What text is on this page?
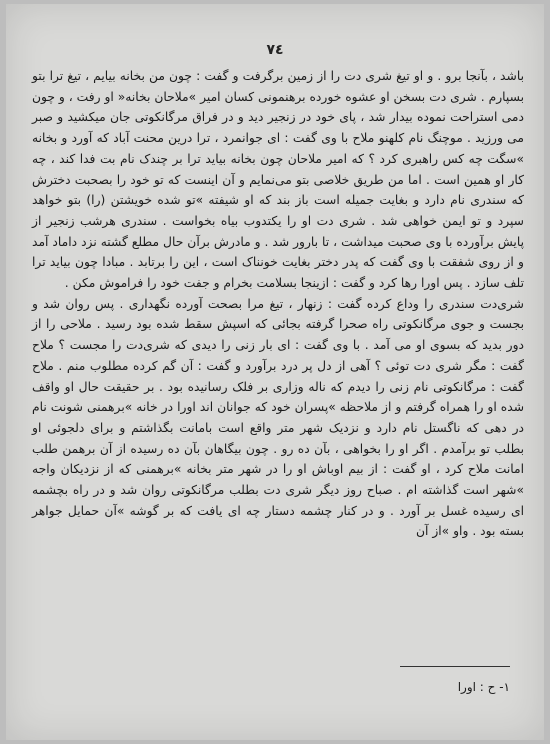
٧٤

باشد ، بآنجا برو . و او تیغ شری دت را از زمین برگرفت و گفت : چون من بخانه بیایم ، تیغ ترا بتو بسپارم . شری دت بسخن او عشوه خورده برهنمونی کسان امیر »ملاحان بخانه« او رفت ، و چون دمی استراحت نموده بیدار شد ، پای خود در زنجیر دید و در فراق مرگانکوتی جان میکشید و صبر می ورزید . موچنگ نام کلهنو ملاح با وی گفت : ای جوانمرد ، ترا درین محنت آباد که آورد و بخانه »سگت چه کس راهبری کرد ؟ که امیر ملاحان چون بخانه بیاید ترا بر چندک نام بت فدا کند ، چه کار او همین است . اما من طریق خلاصی بتو می‌نمایم و آن اینست که تو خود را بصحبت دخترش که سندری نام دارد و بغایت جمیله است باز بند که او شیفته »تو شده خویشتن (را) بتو خواهد سپرد و تو ایمن خواهی شد . شری دت او را یکتدوب بیاه بخواست . سندری هرشب زنجیر از پایش برآورده با وی صحبت میداشت ، تا بارور شد . و مادرش برآن حال مطلع گشته نزد داماد آمد و از روی شفقت با وی گفت که پدر دختر بغایت خونناک است ، این را برتابد . مبادا چون بیاید ترا تلف سازد . پس اورا رها کرد و گفت : ازینجا بسلامت بخرام و جفت خود را فراموش مکن .

شری‌دت سندری را وداع کرده گفت : زنهار ، تیغ مرا بصحت آورده نگهداری . پس روان شد و بجست و جوی مرگانکوتی راه صحرا گرفته بجائی که اسپش سقط شده بود رسید . ملاحی را از دور بدید که بسوی او می آمد . با وی گفت : ای بار زنی را دیدی که شری‌دت را مجست ؟ ملاح گفت : مگر شری دت توئی ؟ آهی از دل پر درد برآورد و گفت : آن گم کرده مطلوب منم . ملاح گفت : مرگانکوتی نام زنی را دیدم که ناله وزاری بر فلک رسانیده بود . بر حقیقت حال او واقف شده او را همراه گرفتم و از ملاحظه »پسران خود که جوانان اند اورا در خانه »برهمنی شونت نام در دهی که ناگستل نام دارد و نزدیک شهر متر واقع است بامانت بگذاشتم و برای دلجوئی او بطلب تو برآمدم . اگر او را بخواهی ، بآن ده رو . چون بیگاهان بآن ده رسیده از آن برهمن طلب امانت ملاح کرد ، او گفت : از بیم اوباش او را در شهر متر بخانه »برهمنی که از نزدیکان واجه »شهر است گذاشته ام . صباح روز دیگر شری دت بطلب مرگانکوتی روان شد و در راه بچشمه ای رسیده غسل بر آورد . و در کنار چشمه دستار چه ای یافت که بر گوشه »آن حمایل جواهر بسته بود . واو »از آن

١- ح : اورا
